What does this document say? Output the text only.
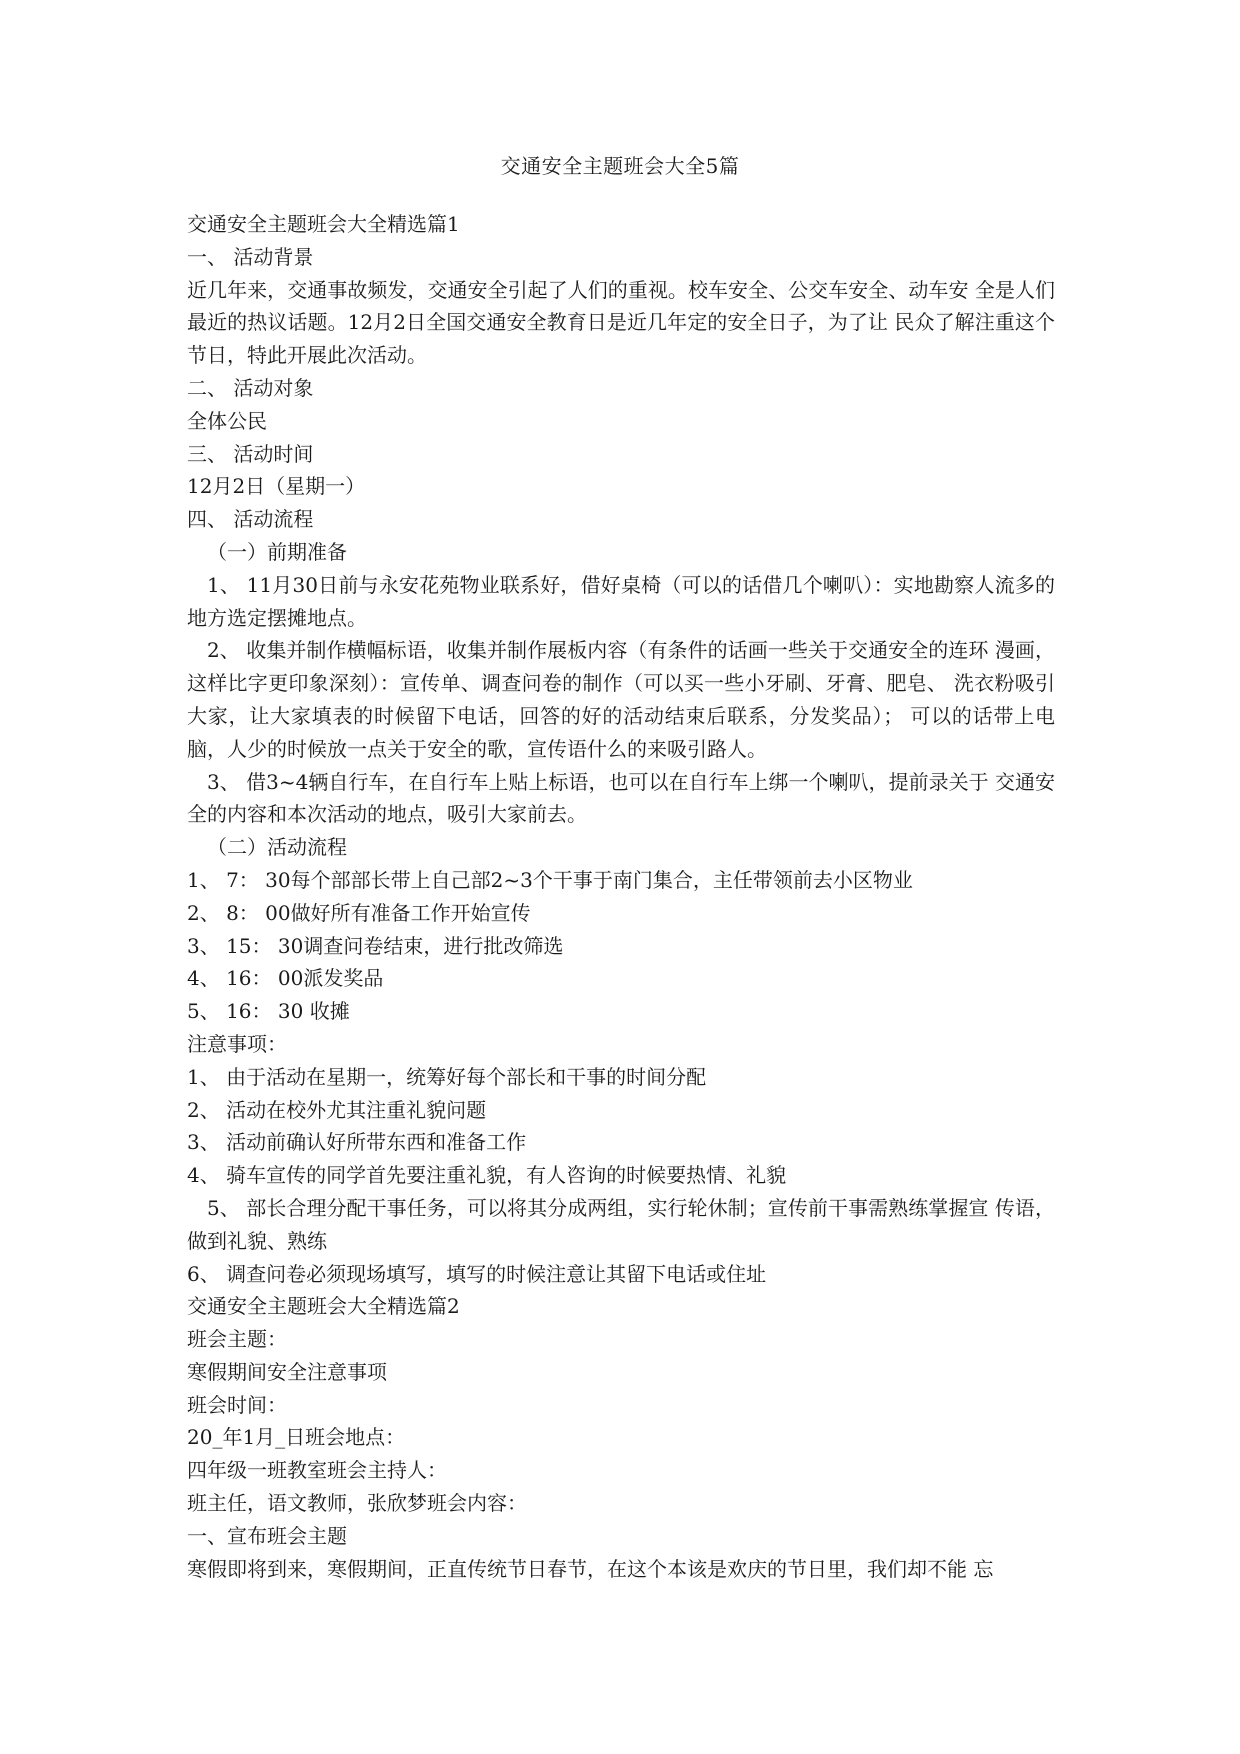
交通安全主题班会大全5篇

交通安全主题班会大全精选篇1

一、 活动背景

近几年来，交通事故频发，交通安全引起了人们的重视。校车安全、公交车安全、动车安 全是人们最近的热议话题。12月2日全国交通安全教育日是近几年定的安全日子，为了让 民众了解注重这个节日，特此开展此次活动。

二、 活动对象

全体公民

三、 活动时间

12月2日（星期一）

四、 活动流程

（一）前期准备

1、 11月30日前与永安花苑物业联系好，借好桌椅（可以的话借几个喇叭）：实地勘察人流多的地方选定摆摊地点。

2、 收集并制作横幅标语，收集并制作展板内容（有条件的话画一些关于交通安全的连环 漫画，这样比字更印象深刻）：宣传单、调查问卷的制作（可以买一些小牙刷、牙膏、肥皂、 洗衣粉吸引大家，让大家填表的时候留下电话，回答的好的活动结束后联系，分发奖品）； 可以的话带上电脑，人少的时候放一点关于安全的歌，宣传语什么的来吸引路人。

3、 借3~4辆自行车，在自行车上贴上标语，也可以在自行车上绑一个喇叭，提前录关于 交通安全的内容和本次活动的地点，吸引大家前去。

（二）活动流程

1、 7： 30每个部部长带上自己部2~3个干事于南门集合，主任带领前去小区物业

2、 8： 00做好所有准备工作开始宣传

3、 15： 30调查问卷结束，进行批改筛选

4、 16： 00派发奖品

5、 16： 30 收摊

注意事项：

1、 由于活动在星期一，统筹好每个部长和干事的时间分配

2、 活动在校外尤其注重礼貌问题

3、 活动前确认好所带东西和准备工作

4、 骑车宣传的同学首先要注重礼貌，有人咨询的时候要热情、礼貌

5、 部长合理分配干事任务，可以将其分成两组，实行轮休制；宣传前干事需熟练掌握宣 传语，做到礼貌、熟练

6、 调查问卷必须现场填写，填写的时候注意让其留下电话或住址

交通安全主题班会大全精选篇2

班会主题：

寒假期间安全注意事项

班会时间：

20_年1月_日班会地点：

四年级一班教室班会主持人：

班主任，语文教师，张欣梦班会内容：

一、宣布班会主题

寒假即将到来，寒假期间，正直传统节日春节，在这个本该是欢庆的节日里，我们却不能 忘
